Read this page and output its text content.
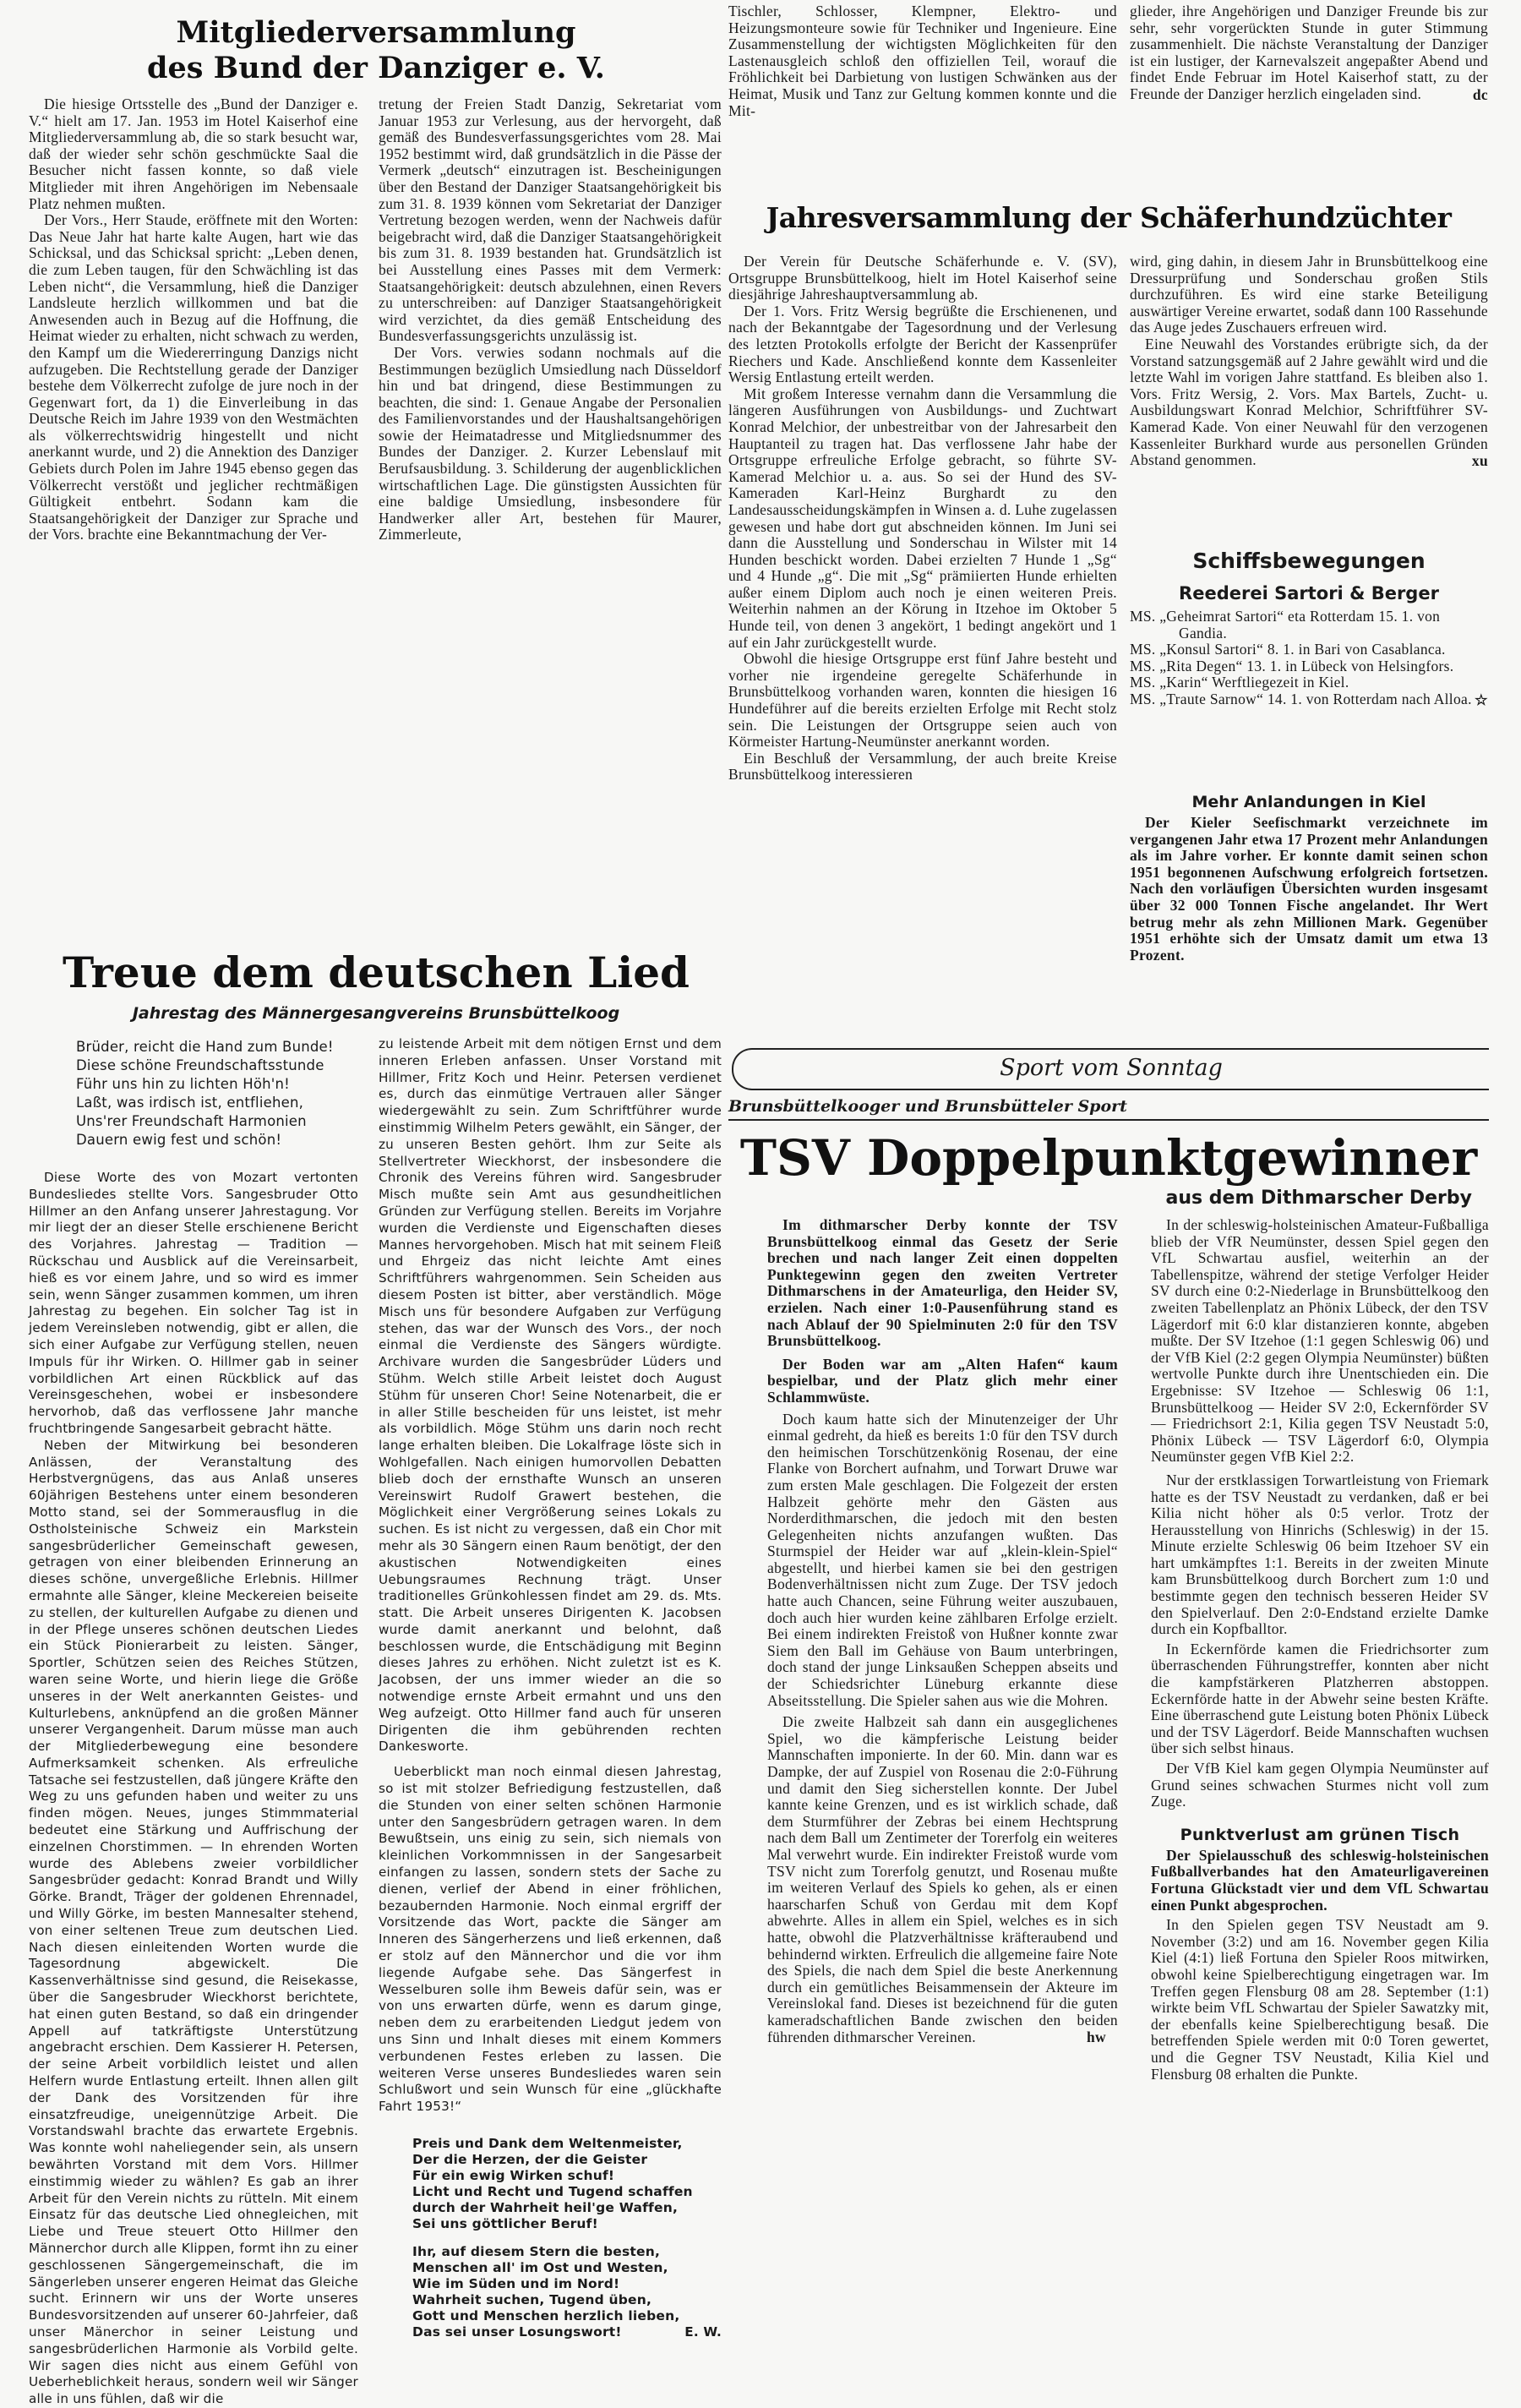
Mitgliederversammlung
des Bund der Danziger e. V.

Die hiesige Ortsstelle des „Bund der Danziger e. V.“ hielt am 17. Jan. 1953 im Hotel Kaiserhof eine Mitgliederversammlung ab, die so stark besucht war, daß der wieder sehr schön geschmückte Saal die Besucher nicht fassen konnte, so daß viele Mitglieder mit ihren Angehörigen im Nebensaale Platz nehmen mußten.

Der Vors., Herr Staude, eröffnete mit den Worten: Das Neue Jahr hat harte kalte Augen, hart wie das Schicksal, und das Schicksal spricht: „Leben denen, die zum Leben taugen, für den Schwächling ist das Leben nicht“, die Versammlung, hieß die Danziger Landsleute herzlich willkommen und bat die Anwesenden auch in Bezug auf die Hoffnung, die Heimat wieder zu erhalten, nicht schwach zu werden, den Kampf um die Wiedererringung Danzigs nicht aufzugeben. Die Rechtstellung gerade der Danziger bestehe dem Völkerrecht zufolge de jure noch in der Gegenwart fort, da 1) die Einverleibung in das Deutsche Reich im Jahre 1939 von den Westmächten als völkerrechtswidrig hingestellt und nicht anerkannt wurde, und 2) die Annektion des Danziger Gebiets durch Polen im Jahre 1945 ebenso gegen das Völkerrecht verstößt und jeglicher rechtmäßigen Gültigkeit entbehrt. Sodann kam die Staatsangehörigkeit der Danziger zur Sprache und der Vors. brachte eine Bekanntmachung der Ver-

tretung der Freien Stadt Danzig, Sekretariat vom Januar 1953 zur Verlesung, aus der hervorgeht, daß gemäß des Bundesverfassungsgerichtes vom 28. Mai 1952 bestimmt wird, daß grundsätzlich in die Pässe der Vermerk „deutsch“ einzutragen ist. Bescheinigungen über den Bestand der Danziger Staatsangehörigkeit bis zum 31. 8. 1939 können vom Sekretariat der Danziger Vertretung bezogen werden, wenn der Nachweis dafür beigebracht wird, daß die Danziger Staatsangehörigkeit bis zum 31. 8. 1939 bestanden hat. Grundsätzlich ist bei Ausstellung eines Passes mit dem Vermerk: Staatsangehörigkeit: deutsch abzulehnen, einen Revers zu unterschreiben: auf Danziger Staatsangehörigkeit wird verzichtet, da dies gemäß Entscheidung des Bundesverfassungsgerichts unzulässig ist.

Der Vors. verwies sodann nochmals auf die Bestimmungen bezüglich Umsiedlung nach Düsseldorf hin und bat dringend, diese Bestimmungen zu beachten, die sind: 1. Genaue Angabe der Personalien des Familienvorstandes und der Haushaltsangehörigen sowie der Heimatadresse und Mitgliedsnummer des Bundes der Danziger. 2. Kurzer Lebenslauf mit Berufsausbildung. 3. Schilderung der augenblicklichen wirtschaftlichen Lage. Die günstigsten Aussichten für eine baldige Umsiedlung, insbesondere für Handwerker aller Art, bestehen für Maurer, Zimmerleute,

Tischler, Schlosser, Klempner, Elektro- und Heizungsmonteure sowie für Techniker und Ingenieure. Eine Zusammenstellung der wichtigsten Möglichkeiten für den Lastenausgleich schloß den offiziellen Teil, worauf die Fröhlichkeit bei Darbietung von lustigen Schwänken aus der Heimat, Musik und Tanz zur Geltung kommen konnte und die Mit-

glieder, ihre Angehörigen und Danziger Freunde bis zur sehr, sehr vorgerückten Stunde in guter Stimmung zusammenhielt. Die nächste Veranstaltung der Danziger ist ein lustiger, der Karnevalszeit angepaßter Abend und findet Ende Februar im Hotel Kaiserhof statt, zu der Freunde der Danziger herzlich eingeladen sind.	dc
Jahresversammlung der Schäferhundzüchter

Der Verein für Deutsche Schäferhunde e. V. (SV), Ortsgruppe Brunsbüttelkoog, hielt im Hotel Kaiserhof seine diesjährige Jahreshauptversammlung ab.

Der 1. Vors. Fritz Wersig begrüßte die Erschienenen, und nach der Bekanntgabe der Tagesordnung und der Verlesung des letzten Protokolls erfolgte der Bericht der Kassenprüfer Riechers und Kade. Anschließend konnte dem Kassenleiter Wersig Entlastung erteilt werden.

Mit großem Interesse vernahm dann die Versammlung die längeren Ausführungen von Ausbildungs- und Zuchtwart Konrad Melchior, der unbestreitbar von der Jahresarbeit den Hauptanteil zu tragen hat. Das verflossene Jahr habe der Ortsgruppe erfreuliche Erfolge gebracht, so führte SV-Kamerad Melchior u. a. aus. So sei der Hund des SV-Kameraden Karl-Heinz Burghardt zu den Landesausscheidungskämpfen in Winsen a. d. Luhe zugelassen gewesen und habe dort gut abschneiden können. Im Juni sei dann die Ausstellung und Sonderschau in Wilster mit 14 Hunden beschickt worden. Dabei erzielten 7 Hunde 1 „Sg“ und 4 Hunde „g“. Die mit „Sg“ prämiierten Hunde erhielten außer einem Diplom auch noch je einen weiteren Preis. Weiterhin nahmen an der Körung in Itzehoe im Oktober 5 Hunde teil, von denen 3 angekört, 1 bedingt angekört und 1 auf ein Jahr zurückgestellt wurde.

Obwohl die hiesige Ortsgruppe erst fünf Jahre besteht und vorher nie irgendeine geregelte Schäferhunde in Brunsbüttelkoog vorhanden waren, konnten die hiesigen 16 Hundeführer auf die bereits erzielten Erfolge mit Recht stolz sein. Die Leistungen der Ortsgruppe seien auch von Körmeister Hartung-Neumünster anerkannt worden.

Ein Beschluß der Versammlung, der auch breite Kreise Brunsbüttelkoog interessieren

wird, ging dahin, in diesem Jahr in Brunsbüttelkoog eine Dressurprüfung und Sonderschau großen Stils durchzuführen. Es wird eine starke Beteiligung auswärtiger Vereine erwartet, sodaß dann 100 Rassehunde das Auge jedes Zuschauers erfreuen wird.

Eine Neuwahl des Vorstandes erübrigte sich, da der Vorstand satzungsgemäß auf 2 Jahre gewählt wird und die letzte Wahl im vorigen Jahre stattfand. Es bleiben also 1. Vors. Fritz Wersig, 2. Vors. Max Bartels, Zucht- u. Ausbildungswart Konrad Melchior, Schriftführer SV-Kamerad Kade. Von einer Neuwahl für den verzogenen Kassenleiter Burkhard wurde aus personellen Gründen Abstand genommen.	xu
Schiffsbewegungen
Reederei Sartori & Berger
MS. „Geheimrat Sartori“ eta Rotterdam 15. 1. von Gandia.
MS. „Konsul Sartori“ 8. 1. in Bari von Casablanca.
MS. „Rita Degen“ 13. 1. in Lübeck von Helsingfors.
MS. „Karin“ Werftliegezeit in Kiel.
MS. „Traute Sarnow“ 14. 1. von Rotterdam nach Alloa. ☆
Mehr Anlandungen in Kiel

Der Kieler Seefischmarkt verzeichnete im vergangenen Jahr etwa 17 Prozent mehr Anlandungen als im Jahre vorher. Er konnte damit seinen schon 1951 begonnenen Aufschwung erfolgreich fortsetzen. Nach den vorläufigen Übersichten wurden insgesamt über 32 000 Tonnen Fische angelandet. Ihr Wert betrug mehr als zehn Millionen Mark. Gegenüber 1951 erhöhte sich der Umsatz damit um etwa 13 Prozent.

Treue dem deutschen Lied
Jahrestag des Männergesangvereins Brunsbüttelkoog
Brüder, reicht die Hand zum Bunde!
Diese schöne Freundschaftsstunde
Führ uns hin zu lichten Höh'n!
Laßt, was irdisch ist, entfliehen,
Uns'rer Freundschaft Harmonien
Dauern ewig fest und schön!

Diese Worte des von Mozart vertonten Bundesliedes stellte Vors. Sangesbruder Otto Hillmer an den Anfang unserer Jahrestagung. Vor mir liegt der an dieser Stelle erschienene Bericht des Vorjahres. Jahrestag — Tradition — Rückschau und Ausblick auf die Vereinsarbeit, hieß es vor einem Jahre, und so wird es immer sein, wenn Sänger zusammen kommen, um ihren Jahrestag zu begehen. Ein solcher Tag ist in jedem Vereinsleben notwendig, gibt er allen, die sich einer Aufgabe zur Verfügung stellen, neuen Impuls für ihr Wirken. O. Hillmer gab in seiner vorbildlichen Art einen Rückblick auf das Vereinsgeschehen, wobei er insbesondere hervorhob, daß das verflossene Jahr manche fruchtbringende Sangesarbeit gebracht hätte.

Neben der Mitwirkung bei besonderen Anlässen, der Veranstaltung des Herbstvergnügens, das aus Anlaß unseres 60jährigen Bestehens unter einem besonderen Motto stand, sei der Sommerausflug in die Ostholsteinische Schweiz ein Markstein sangesbrüderlicher Gemeinschaft gewesen, getragen von einer bleibenden Erinnerung an dieses schöne, unvergeßliche Erlebnis. Hillmer ermahnte alle Sänger, kleine Meckereien beiseite zu stellen, der kulturellen Aufgabe zu dienen und in der Pflege unseres schönen deutschen Liedes ein Stück Pionierarbeit zu leisten. Sänger, Sportler, Schützen seien des Reiches Stützen, waren seine Worte, und hierin liege die Größe unseres in der Welt anerkannten Geistes- und Kulturlebens, anknüpfend an die großen Männer unserer Vergangenheit. Darum müsse man auch der Mitgliederbewegung eine besondere Aufmerksamkeit schenken. Als erfreuliche Tatsache sei festzustellen, daß jüngere Kräfte den Weg zu uns gefunden haben und weiter zu uns finden mögen. Neues, junges Stimmmaterial bedeutet eine Stärkung und Auffrischung der einzelnen Chorstimmen. — In ehrenden Worten wurde des Ablebens zweier vorbildlicher Sangesbrüder gedacht: Konrad Brandt und Willy Görke. Brandt, Träger der goldenen Ehrennadel, und Willy Görke, im besten Mannesalter stehend, von einer seltenen Treue zum deutschen Lied. Nach diesen einleitenden Worten wurde die Tagesordnung abgewickelt. Die Kassenverhältnisse sind gesund, die Reisekasse, über die Sangesbruder Wieckhorst berichtete, hat einen guten Bestand, so daß ein dringender Appell auf tatkräftigste Unterstützung angebracht erschien. Dem Kassierer H. Petersen, der seine Arbeit vorbildlich leistet und allen Helfern wurde Entlastung erteilt. Ihnen allen gilt der Dank des Vorsitzenden für ihre einsatzfreudige, uneigennützige Arbeit. Die Vorstandswahl brachte das erwartete Ergebnis. Was konnte wohl naheliegender sein, als unsern bewährten Vorstand mit dem Vors. Hillmer einstimmig wieder zu wählen? Es gab an ihrer Arbeit für den Verein nichts zu rütteln. Mit einem Einsatz für das deutsche Lied ohnegleichen, mit Liebe und Treue steuert Otto Hillmer den Männerchor durch alle Klippen, formt ihn zu einer geschlossenen Sängergemeinschaft, die im Sängerleben unserer engeren Heimat das Gleiche sucht. Erinnern wir uns der Worte unseres Bundesvorsitzenden auf unserer 60-Jahrfeier, daß unser Mänerchor in seiner Leistung und sangesbrüderlichen Harmonie als Vorbild gelte. Wir sagen dies nicht aus einem Gefühl von Ueberheblichkeit heraus, sondern weil wir Sänger alle in uns fühlen, daß wir die

zu leistende Arbeit mit dem nötigen Ernst und dem inneren Erleben anfassen. Unser Vorstand mit Hillmer, Fritz Koch und Heinr. Petersen verdienet es, durch das einmütige Vertrauen aller Sänger wiedergewählt zu sein. Zum Schriftführer wurde einstimmig Wilhelm Peters gewählt, ein Sänger, der zu unseren Besten gehört. Ihm zur Seite als Stellvertreter Wieckhorst, der insbesondere die Chronik des Vereins führen wird. Sangesbruder Misch mußte sein Amt aus gesundheitlichen Gründen zur Verfügung stellen. Bereits im Vorjahre wurden die Verdienste und Eigenschaften dieses Mannes hervorgehoben. Misch hat mit seinem Fleiß und Ehrgeiz das nicht leichte Amt eines Schriftführers wahrgenommen. Sein Scheiden aus diesem Posten ist bitter, aber verständlich. Möge Misch uns für besondere Aufgaben zur Verfügung stehen, das war der Wunsch des Vors., der noch einmal die Verdienste des Sängers würdigte. Archivare wurden die Sangesbrüder Lüders und Stühm. Welch stille Arbeit leistet doch August Stühm für unseren Chor! Seine Notenarbeit, die er in aller Stille bescheiden für uns leistet, ist mehr als vorbildlich. Möge Stühm uns darin noch recht lange erhalten bleiben. Die Lokalfrage löste sich in Wohlgefallen. Nach einigen humorvollen Debatten blieb doch der ernsthafte Wunsch an unseren Vereinswirt Rudolf Grawert bestehen, die Möglichkeit einer Vergrößerung seines Lokals zu suchen. Es ist nicht zu vergessen, daß ein Chor mit mehr als 30 Sängern einen Raum benötigt, der den akustischen Notwendigkeiten eines Uebungsraumes Rechnung trägt. Unser traditionelles Grünkohlessen findet am 29. ds. Mts. statt. Die Arbeit unseres Dirigenten K. Jacobsen wurde damit anerkannt und belohnt, daß beschlossen wurde, die Entschädigung mit Beginn dieses Jahres zu erhöhen. Nicht zuletzt ist es K. Jacobsen, der uns immer wieder an die so notwendige ernste Arbeit ermahnt und uns den Weg aufzeigt. Otto Hillmer fand auch für unseren Dirigenten die ihm gebührenden rechten Dankesworte.

Ueberblickt man noch einmal diesen Jahrestag, so ist mit stolzer Befriedigung festzustellen, daß die Stunden von einer selten schönen Harmonie unter den Sangesbrüdern getragen waren. In dem Bewußtsein, uns einig zu sein, sich niemals von kleinlichen Vorkommnissen in der Sangesarbeit einfangen zu lassen, sondern stets der Sache zu dienen, verlief der Abend in einer fröhlichen, bezaubernden Harmonie. Noch einmal ergriff der Vorsitzende das Wort, packte die Sänger am Inneren des Sängerherzens und ließ erkennen, daß er stolz auf den Männerchor und die vor ihm liegende Aufgabe sehe. Das Sängerfest in Wesselburen solle ihm Beweis dafür sein, was er von uns erwarten dürfe, wenn es darum ginge, neben dem zu erarbeitenden Liedgut jedem von uns Sinn und Inhalt dieses mit einem Kommers verbundenen Festes erleben zu lassen. Die weiteren Verse unseres Bundesliedes waren sein Schlußwort und sein Wunsch für eine „glückhafte Fahrt 1953!“

Preis und Dank dem Weltenmeister,
Der die Herzen, der die Geister
Für ein ewig Wirken schuf!
Licht und Recht und Tugend schaffen
durch der Wahrheit heil'ge Waffen,
Sei uns göttlicher Beruf!
Ihr, auf diesem Stern die besten,
Menschen all' im Ost und Westen,
Wie im Süden und im Nord!
Wahrheit suchen, Tugend üben,
Gott und Menschen herzlich lieben,
Das sei unser Losungswort!	E. W.
Sport vom Sonntag
Brunsbüttelkooger und Brunsbütteler Sport
TSV Doppelpunktgewinner
aus dem Dithmarscher Derby

Im dithmarscher Derby konnte der TSV Brunsbüttelkoog einmal das Gesetz der Serie brechen und nach langer Zeit einen doppelten Punktegewinn gegen den zweiten Vertreter Dithmarschens in der Amateurliga, den Heider SV, erzielen. Nach einer 1:0-Pausenführung stand es nach Ablauf der 90 Spielminuten 2:0 für den TSV Brunsbüttelkoog.

Der Boden war am „Alten Hafen“ kaum bespielbar, und der Platz glich mehr einer Schlammwüste.

Doch kaum hatte sich der Minutenzeiger der Uhr einmal gedreht, da hieß es bereits 1:0 für den TSV durch den heimischen Torschützenkönig Rosenau, der eine Flanke von Borchert aufnahm, und Torwart Druwe war zum ersten Male geschlagen. Die Folgezeit der ersten Halbzeit gehörte mehr den Gästen aus Norderdithmarschen, die jedoch mit den besten Gelegenheiten nichts anzufangen wußten. Das Sturmspiel der Heider war auf „klein-klein-Spiel“ abgestellt, und hierbei kamen sie bei den gestrigen Bodenverhältnissen nicht zum Zuge. Der TSV jedoch hatte auch Chancen, seine Führung weiter auszubauen, doch auch hier wurden keine zählbaren Erfolge erzielt. Bei einem indirekten Freistoß von Hußner konnte zwar Siem den Ball im Gehäuse von Baum unterbringen, doch stand der junge Linksaußen Scheppen abseits und der Schiedsrichter Lüneburg erkannte diese Abseitsstellung. Die Spieler sahen aus wie die Mohren.

Die zweite Halbzeit sah dann ein ausgeglichenes Spiel, wo die kämpferische Leistung beider Mannschaften imponierte. In der 60. Min. dann war es Dampke, der auf Zuspiel von Rosenau die 2:0-Führung und damit den Sieg sicherstellen konnte. Der Jubel kannte keine Grenzen, und es ist wirklich schade, daß dem Sturmführer der Zebras bei einem Hechtsprung nach dem Ball um Zentimeter der Torerfolg ein weiteres Mal verwehrt wurde. Ein indirekter Freistoß wurde vom TSV nicht zum Torerfolg genutzt, und Rosenau mußte im weiteren Verlauf des Spiels ko gehen, als er einen haarscharfen Schuß von Gerdau mit dem Kopf abwehrte. Alles in allem ein Spiel, welches es in sich hatte, obwohl die Platzverhältnisse kräfteraubend und behindernd wirkten. Erfreulich die allgemeine faire Note des Spiels, die nach dem Spiel die beste Anerkennung durch ein gemütliches Beisammensein der Akteure im Vereinslokal fand. Dieses ist bezeichnend für die guten kameradschaftlichen Bande zwischen den beiden führenden dithmarscher Vereinen.	hw

In der schleswig-holsteinischen Amateur-Fußballiga blieb der VfR Neumünster, dessen Spiel gegen den VfL Schwartau ausfiel, weiterhin an der Tabellenspitze, während der stetige Verfolger Heider SV durch eine 0:2-Niederlage in Brunsbüttelkoog den zweiten Tabellenplatz an Phönix Lübeck, der den TSV Lägerdorf mit 6:0 klar distanzieren konnte, abgeben mußte. Der SV Itzehoe (1:1 gegen Schleswig 06) und der VfB Kiel (2:2 gegen Olympia Neumünster) büßten wertvolle Punkte durch ihre Unentschieden ein. Die Ergebnisse: SV Itzehoe — Schleswig 06 1:1, Brunsbüttelkoog — Heider SV 2:0, Eckernförder SV — Friedrichsort 2:1, Kilia gegen TSV Neustadt 5:0, Phönix Lübeck — TSV Lägerdorf 6:0, Olympia Neumünster gegen VfB Kiel 2:2.

Nur der erstklassigen Torwartleistung von Friemark hatte es der TSV Neustadt zu verdanken, daß er bei Kilia nicht höher als 0:5 verlor. Trotz der Herausstellung von Hinrichs (Schleswig) in der 15. Minute erzielte Schleswig 06 beim Itzehoer SV ein hart umkämpftes 1:1. Bereits in der zweiten Minute kam Brunsbüttelkoog durch Borchert zum 1:0 und bestimmte gegen den technisch besseren Heider SV den Spielverlauf. Den 2:0-Endstand erzielte Damke durch ein Kopfballtor.

In Eckernförde kamen die Friedrichsorter zum überraschenden Führungstreffer, konnten aber nicht die kampfstärkeren Platzherren abstoppen. Eckernförde hatte in der Abwehr seine besten Kräfte. Eine überraschend gute Leistung boten Phönix Lübeck und der TSV Lägerdorf. Beide Mannschaften wuchsen über sich selbst hinaus.

Der VfB Kiel kam gegen Olympia Neumünster auf Grund seines schwachen Sturmes nicht voll zum Zuge.

Punktverlust am grünen Tisch

Der Spielausschuß des schleswig-holsteinischen Fußballverbandes hat den Amateurligavereinen Fortuna Glückstadt vier und dem VfL Schwartau einen Punkt abgesprochen.

In den Spielen gegen TSV Neustadt am 9. November (3:2) und am 16. November gegen Kilia Kiel (4:1) ließ Fortuna den Spieler Roos mitwirken, obwohl keine Spielberechtigung eingetragen war. Im Treffen gegen Flensburg 08 am 28. September (1:1) wirkte beim VfL Schwartau der Spieler Sawatzky mit, der ebenfalls keine Spielberechtigung besaß. Die betreffenden Spiele werden mit 0:0 Toren gewertet, und die Gegner TSV Neustadt, Kilia Kiel und Flensburg 08 erhalten die Punkte.
